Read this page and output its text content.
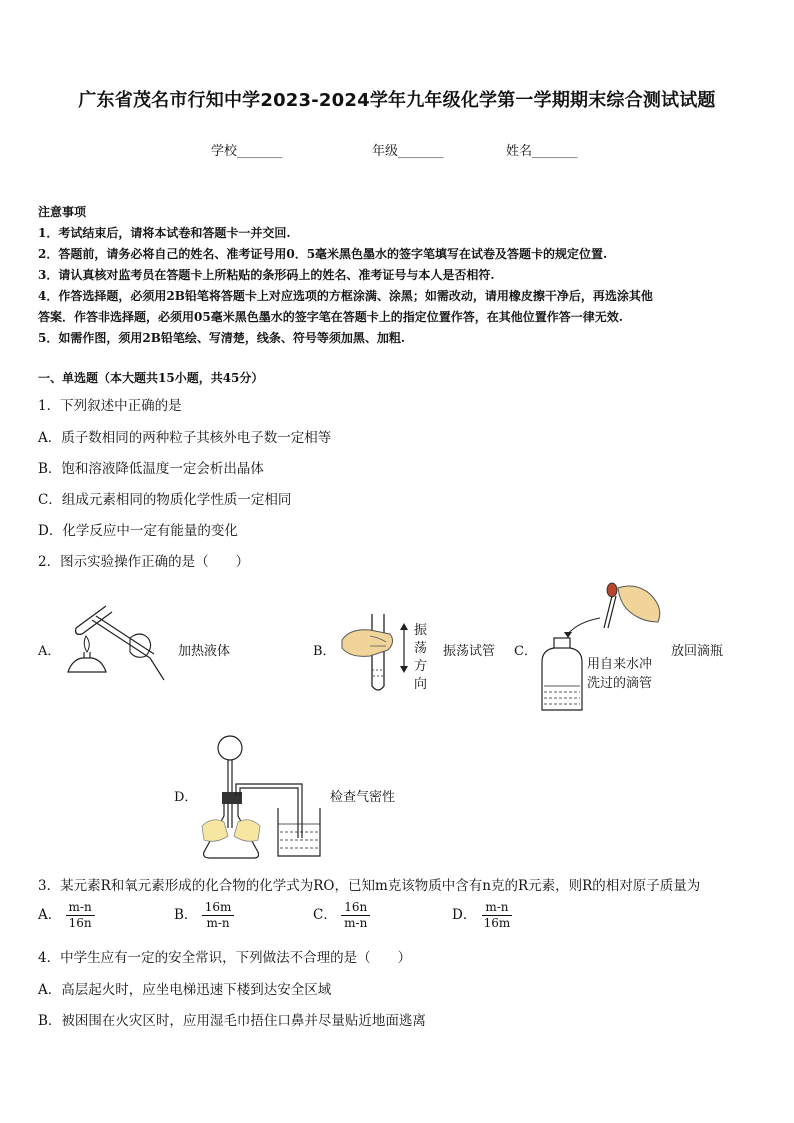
广东省茂名市行知中学2023-2024学年九年级化学第一学期期末综合测试试题
学校_______	年级_______	姓名_______
注意事项
1．考试结束后，请将本试卷和答题卡一并交回.
2．答题前，请务必将自己的姓名、准考证号用0．5毫米黑色墨水的签字笔填写在试卷及答题卡的规定位置.
3．请认真核对监考员在答题卡上所粘贴的条形码上的姓名、准考证号与本人是否相符.
4．作答选择题，必须用2B铅笔将答题卡上对应选项的方框涂满、涂黑；如需改动，请用橡皮擦干净后，再选涂其他
答案．作答非选择题，必须用05毫米黑色墨水的签字笔在答题卡上的指定位置作答，在其他位置作答一律无效.
5．如需作图，须用2B铅笔绘、写清楚，线条、符号等须加黑、加粗.
一、单选题（本大题共15小题，共45分）
1．下列叙述中正确的是
A．质子数相同的两种粒子其核外电子数一定相等
B．饱和溶液降低温度一定会析出晶体
C．组成元素相同的物质化学性质一定相同
D．化学反应中一定有能量的变化
2．图示实验操作正确的是（　　）
A．	加热液体	B．
振
荡
方
向
振荡试管 C．
用自来水冲
洗过的滴管
放回滴瓶
D．	检查气密性
3．某元素R和氧元素形成的化合物的化学式为RO，已知m克该物质中含有n克的R元素，则R的相对原子质量为
A． $\frac{m-n}{16n}$	B． $\frac{16m}{m-n}$	C． $\frac{16n}{m-n}$	D． $\frac{m-n}{16m}$
4．中学生应有一定的安全常识，下列做法不合理的是（　　）
A．高层起火时，应坐电梯迅速下楼到达安全区域
B．被困围在火灾区时，应用湿毛巾捂住口鼻并尽量贴近地面逃离
